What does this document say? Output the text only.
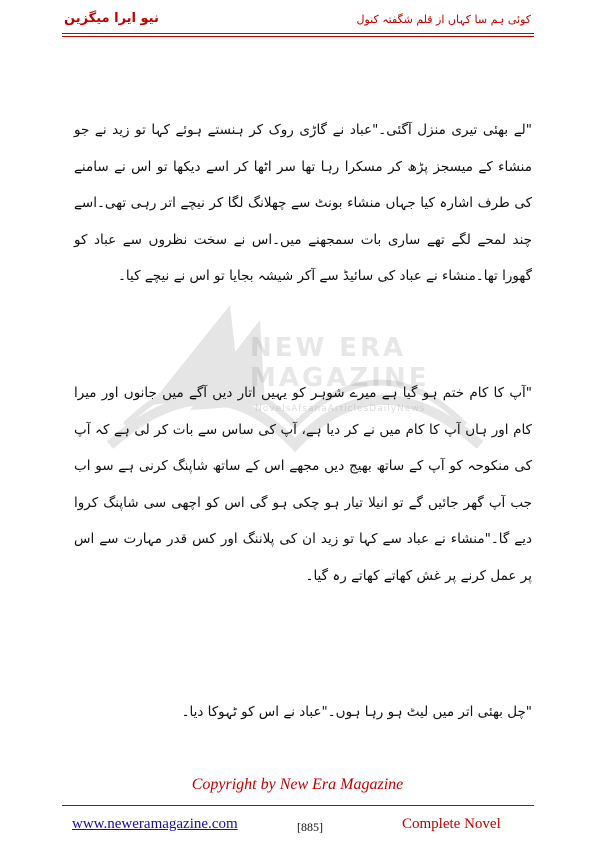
نیو ایرا میگزین	کوئی ہم سا کہاں از قلم شگفتہ کنول
NEW ERA MAGAZINE
NovelsAfsanaArticlesDailyNews
"لے بھئی تیری منزل آگئی۔"عباد نے گاڑی روک کر ہنستے ہوئے کہا تو زید نے جو منشاء کے میسجز پڑھ کر مسکرا رہا تھا سر اٹھا کر اسے دیکھا تو اس نے سامنے کی طرف اشارہ کیا جہاں منشاء بونٹ سے چھلانگ لگا کر نیچے اتر رہی تھی۔اسے چند لمحے لگے تھے ساری بات سمجھنے میں۔اس نے سخت نظروں سے عباد کو گھورا تھا۔منشاء نے عباد کی سائیڈ سے آکر شیشہ بجایا تو اس نے نیچے کیا۔
"آپ کا کام ختم ہو گیا ہے میرے شوہر کو یہیں اتار دیں آگے میں جانوں اور میرا کام اور ہاں آپ کا کام میں نے کر دیا ہے، آپ کی ساس سے بات کر لی ہے کہ آپ کی منکوحہ کو آپ کے ساتھ بھیج دیں مجھے اس کے ساتھ شاپنگ کرنی ہے سو اب جب آپ گھر جائیں گے تو انیلا تیار ہو چکی ہو گی اس کو اچھی سی شاپنگ کروا دیے گا۔"منشاء نے عباد سے کہا تو زید ان کی پلاننگ اور کس قدر مہارت سے اس پر عمل کرنے پر غش کھاتے کھاتے رہ گیا۔
"چل بھئی اتر میں لیٹ ہو رہا ہوں۔"عباد نے اس کو ٹہوکا دیا۔
Copyright by New Era Magazine
www.neweramagazine.com	[885]	Complete Novel
